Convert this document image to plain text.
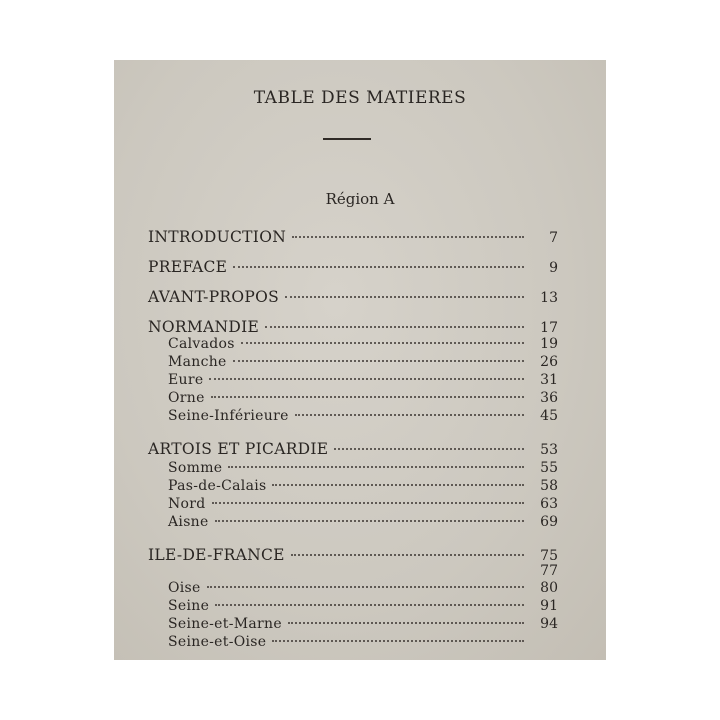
TABLE DES MATIERES
Région A
INTRODUCTION	7
PREFACE	9
AVANT-PROPOS	13
NORMANDIE	17
Calvados	19
Manche	26
Eure	31
Orne	36
Seine-Inférieure	45
ARTOIS ET PICARDIE	53
Somme	55
Pas-de-Calais	58
Nord	63
Aisne	69
ILE-DE-FRANCE	75
77
Oise	80
Seine	91
Seine-et-Marne	94
Seine-et-Oise
